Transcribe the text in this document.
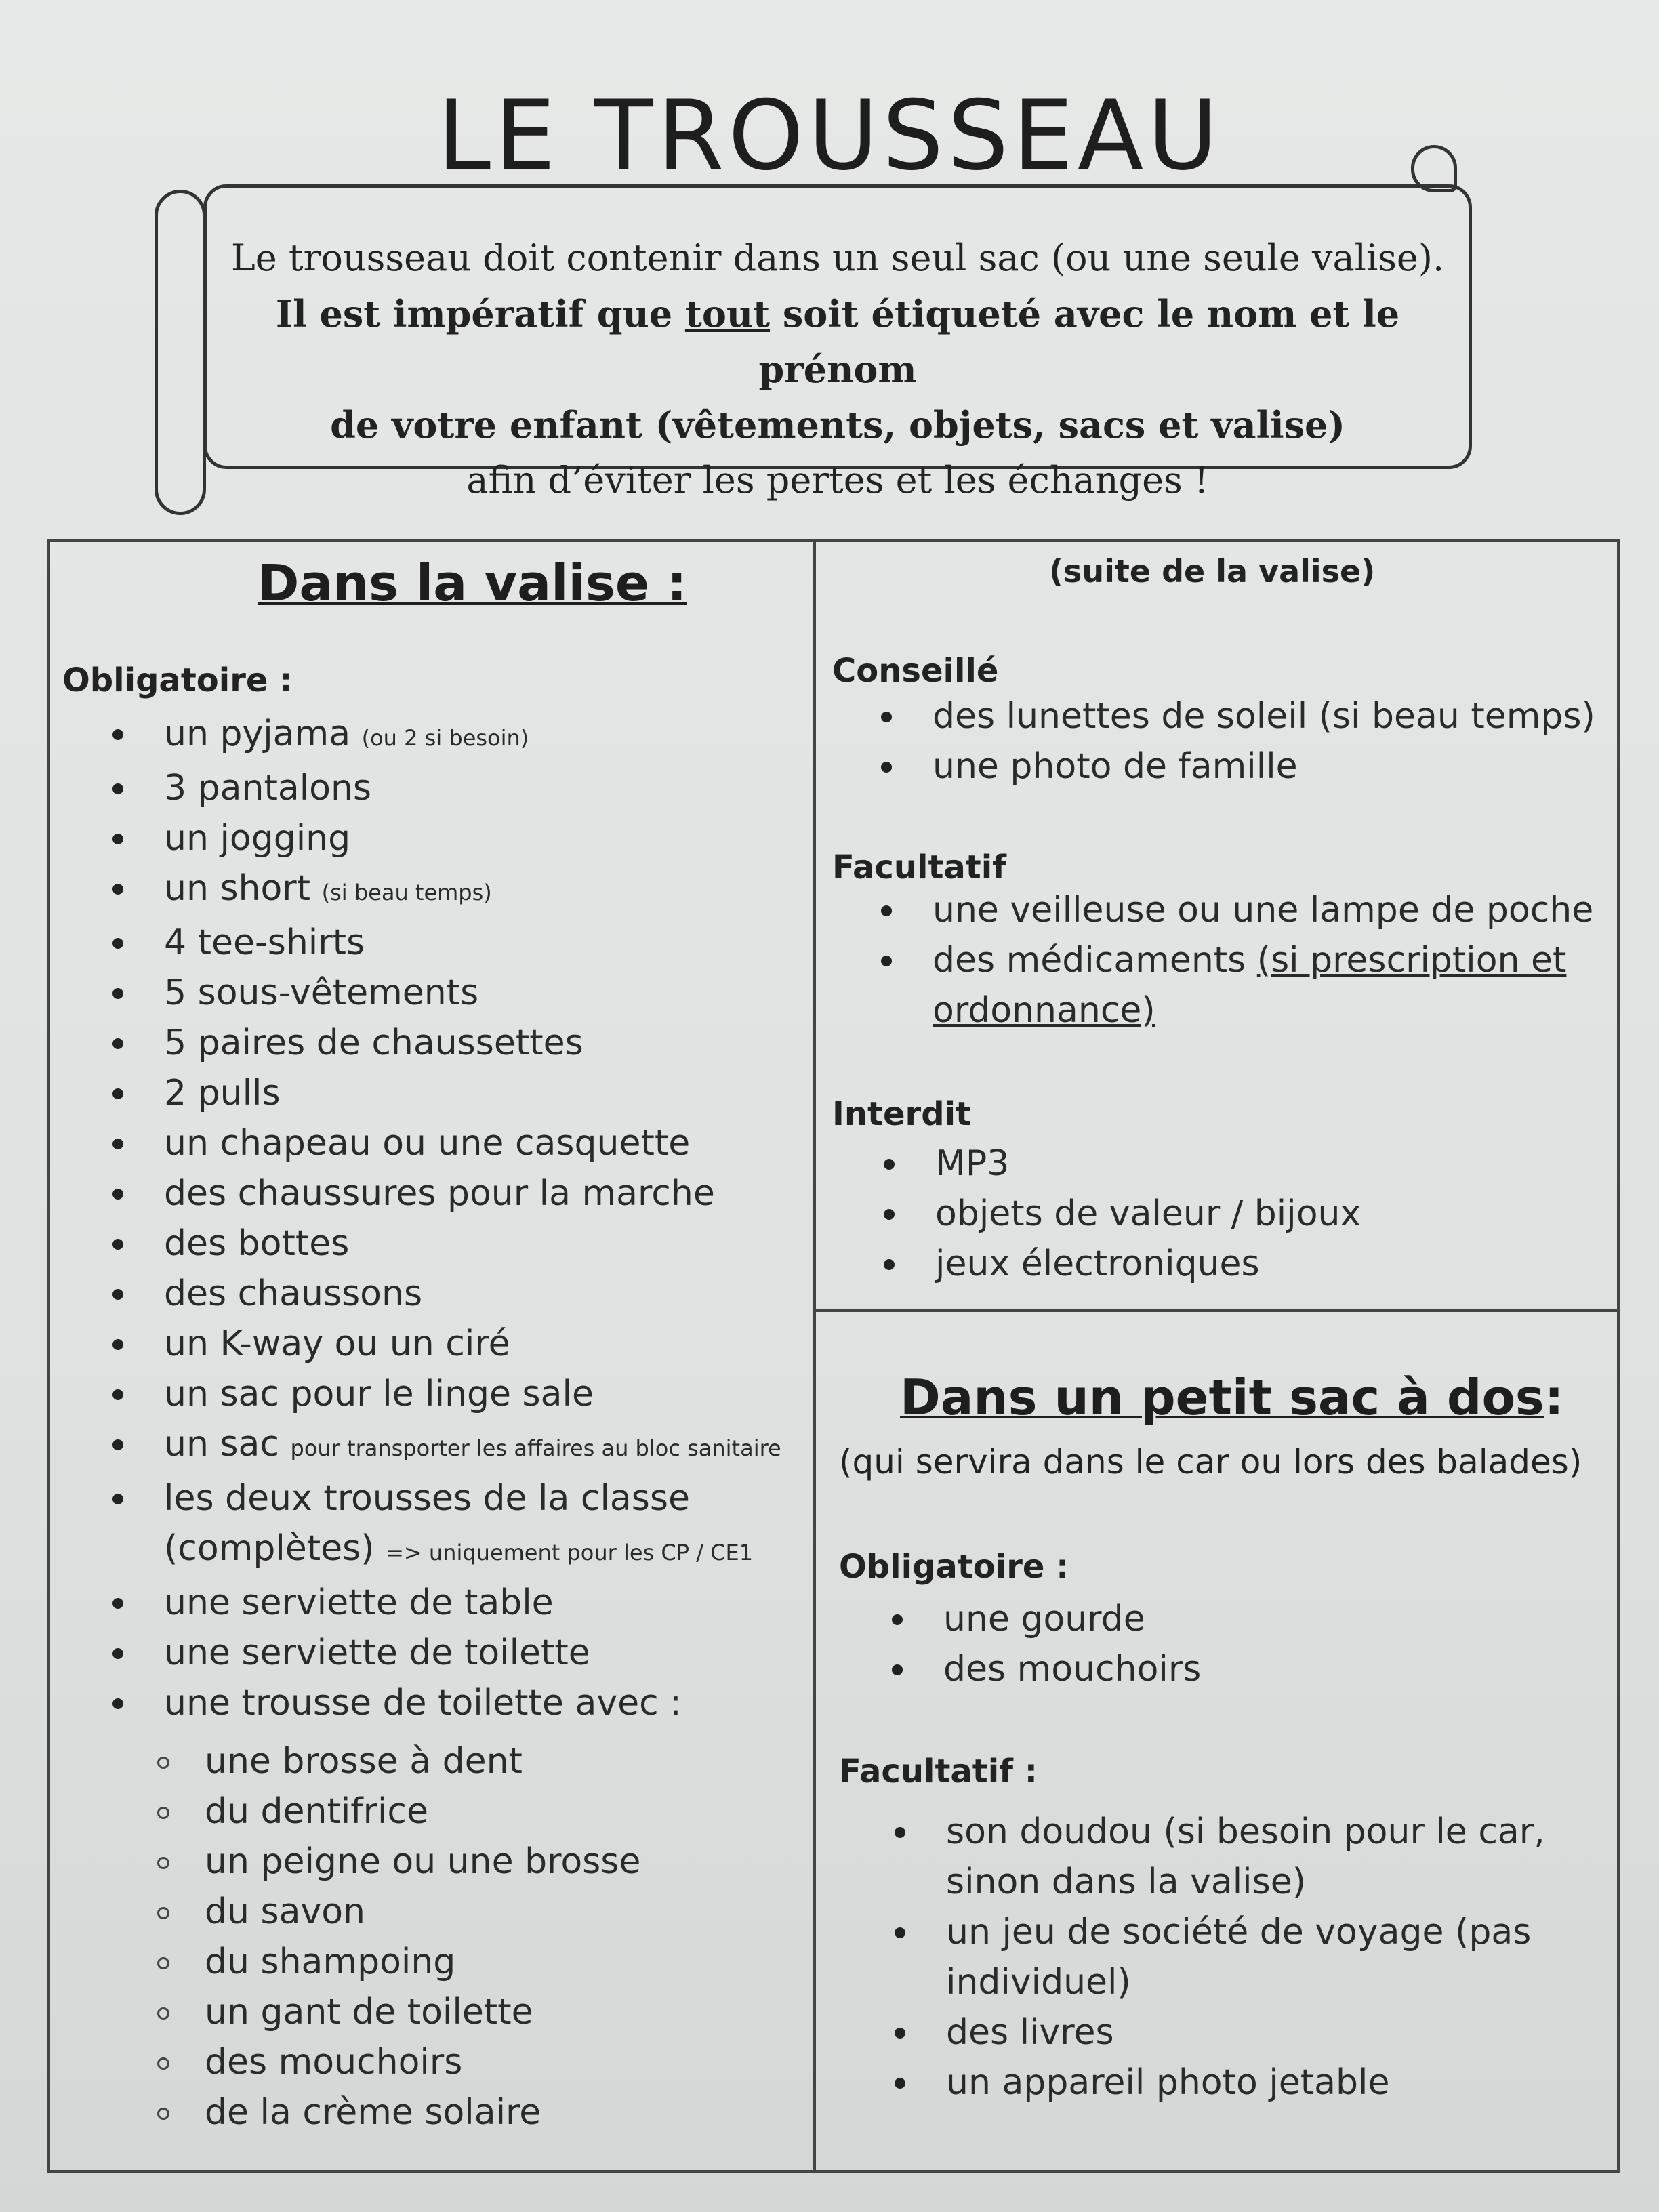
LE TROUSSEAU
Le trousseau doit contenir dans un seul sac (ou une seule valise).
Il est impératif que tout soit étiqueté avec le nom et le prénom
de votre enfant (vêtements, objets, sacs et valise)
afin d’éviter les pertes et les échanges !
Dans la valise :
Obligatoire :
un pyjama (ou 2 si besoin)
3 pantalons
un jogging
un short (si beau temps)
4 tee-shirts
5 sous-vêtements
5 paires de chaussettes
2 pulls
un chapeau ou une casquette
des chaussures pour la marche
des bottes
des chaussons
un K-way ou un ciré
un sac pour le linge sale
un sac pour transporter les affaires au bloc sanitaire
les deux trousses de la classe
(complètes) => uniquement pour les CP / CE1
une serviette de table
une serviette de toilette
une trousse de toilette avec :
une brosse à dent
du dentifrice
un peigne ou une brosse
du savon
du shampoing
un gant de toilette
des mouchoirs
de la crème solaire
(suite de la valise)
Conseillé
des lunettes de soleil (si beau temps)
une photo de famille
Facultatif
une veilleuse ou une lampe de poche
des médicaments (si prescription et
ordonnance)
Interdit
MP3
objets de valeur / bijoux
jeux électroniques
Dans un petit sac à dos:
(qui servira dans le car ou lors des balades)
Obligatoire :
une gourde
des mouchoirs
Facultatif :
son doudou (si besoin pour le car,
sinon dans la valise)
un jeu de société de voyage (pas
individuel)
des livres
un appareil photo jetable
